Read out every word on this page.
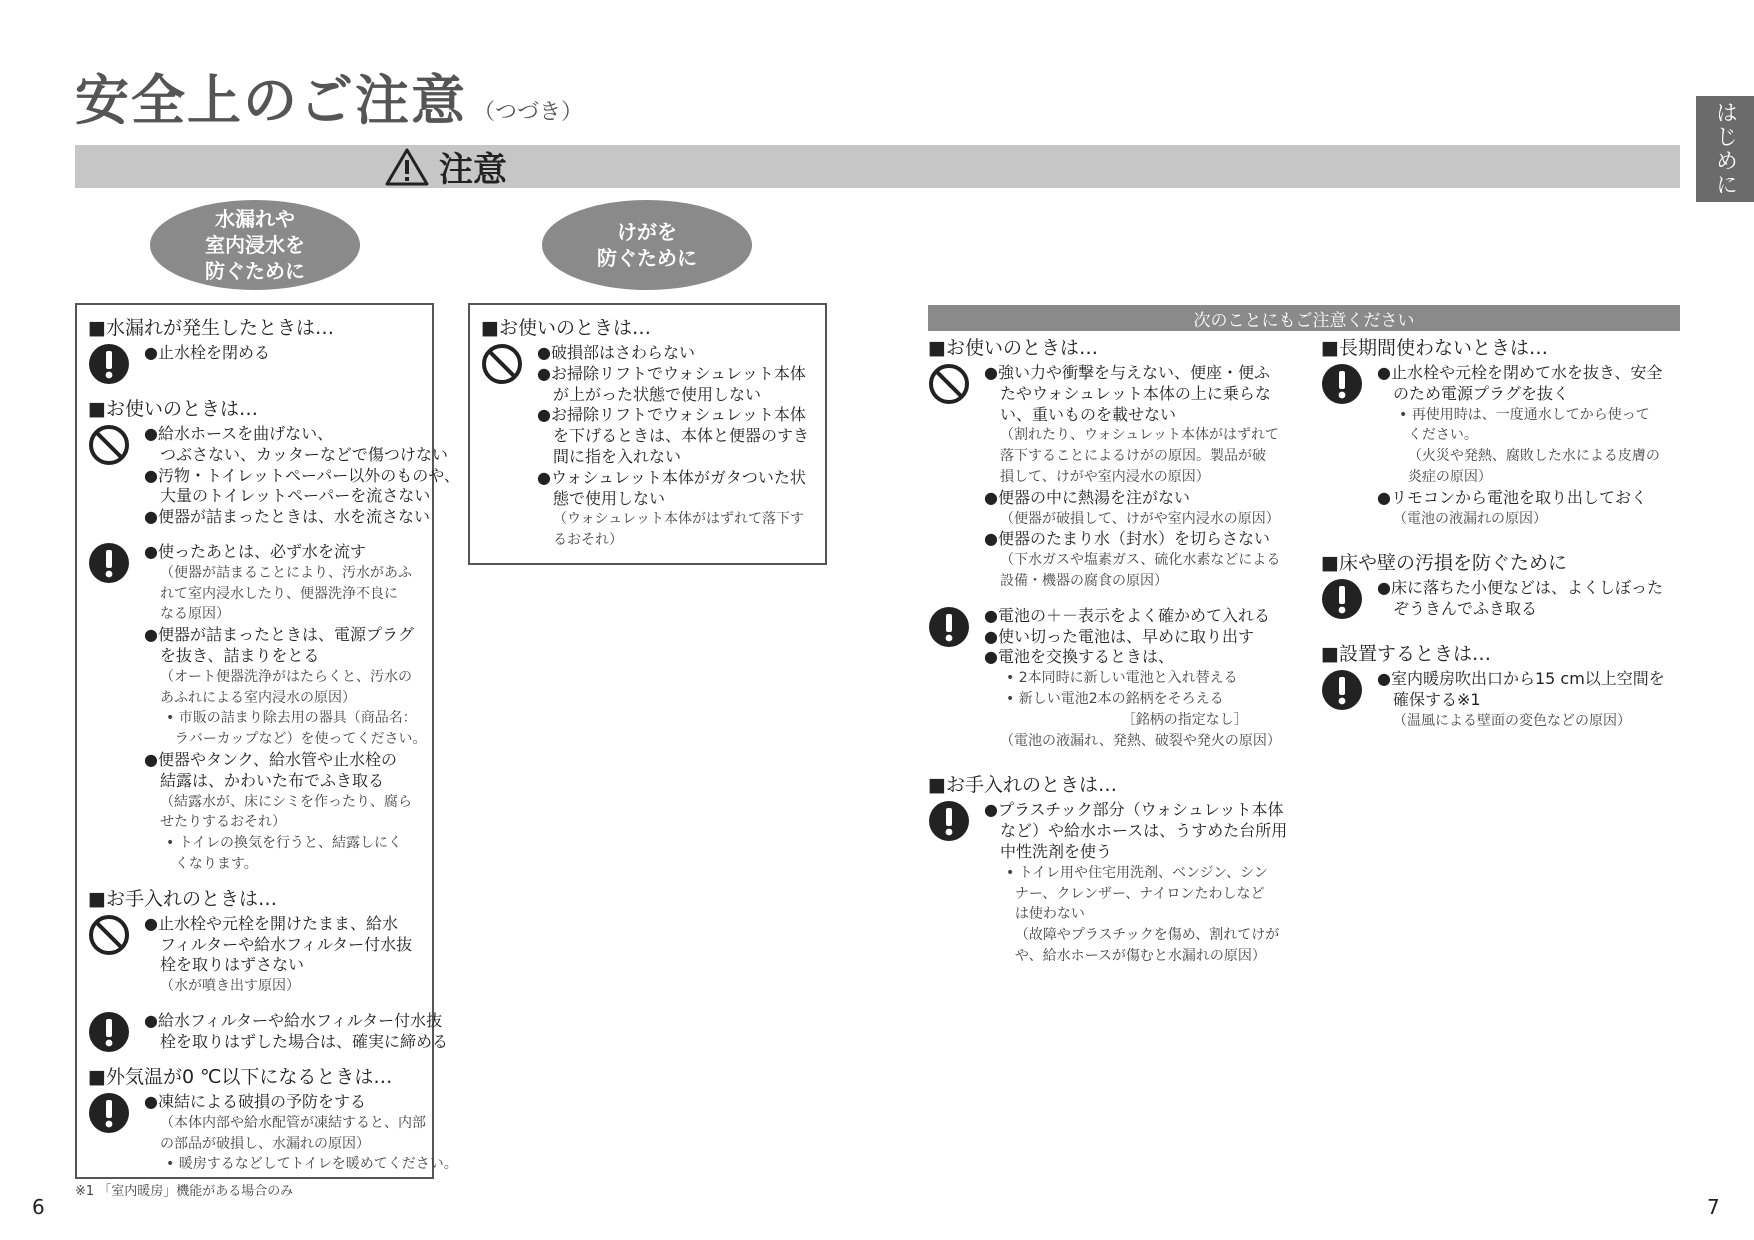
安全上のご注意 （つづき）
注意	はじめに
水漏れや
室内浸水を
防ぐために
けがを
防ぐために
次のことにもご注意ください
■水漏れが発生したときは…
●止水栓を閉める
■お使いのときは…
●給水ホースを曲げない、
つぶさない、カッターなどで傷つけない
●汚物・トイレットペーパー以外のものや、
大量のトイレットペーパーを流さない
●便器が詰まったときは、水を流さない
●使ったあとは、必ず水を流す
（便器が詰まることにより、汚水があふ
れて室内浸水したり、便器洗浄不良に
なる原因）
●便器が詰まったときは、電源プラグ
を抜き、詰まりをとる
（オート便器洗浄がはたらくと、汚水の
あふれによる室内浸水の原因）
• 市販の詰まり除去用の器具（商品名：
ラバーカップなど）を使ってください。
●便器やタンク、給水管や止水栓の
結露は、かわいた布でふき取る
（結露水が、床にシミを作ったり、腐ら
せたりするおそれ）
• トイレの換気を行うと、結露しにく
くなります。
■お手入れのときは…
●止水栓や元栓を開けたまま、給水
フィルターや給水フィルター付水抜
栓を取りはずさない
（水が噴き出す原因）
●給水フィルターや給水フィルター付水抜
栓を取りはずした場合は、確実に締める
■外気温が0 ℃以下になるときは…
●凍結による破損の予防をする
（本体内部や給水配管が凍結すると、内部
の部品が破損し、水漏れの原因）
• 暖房するなどしてトイレを暖めてください。
■お使いのときは…
●破損部はさわらない
●お掃除リフトでウォシュレット本体
が上がった状態で使用しない
●お掃除リフトでウォシュレット本体
を下げるときは、本体と便器のすき
間に指を入れない
●ウォシュレット本体がガタついた状
態で使用しない
（ウォシュレット本体がはずれて落下す
るおそれ）
■お使いのときは…
●強い力や衝撃を与えない、便座・便ふ
たやウォシュレット本体の上に乗らな
い、重いものを載せない
（割れたり、ウォシュレット本体がはずれて
落下することによるけがの原因。製品が破
損して、けがや室内浸水の原因）
●便器の中に熱湯を注がない
（便器が破損して、けがや室内浸水の原因）
●便器のたまり水（封水）を切らさない
（下水ガスや塩素ガス、硫化水素などによる
設備・機器の腐食の原因）
●電池の＋－表示をよく確かめて入れる
●使い切った電池は、早めに取り出す
●電池を交換するときは、
• 2本同時に新しい電池と入れ替える
• 新しい電池2本の銘柄をそろえる
［銘柄の指定なし］
（電池の液漏れ、発熱、破裂や発火の原因）
■お手入れのときは…
●プラスチック部分（ウォシュレット本体
など）や給水ホースは、うすめた台所用
中性洗剤を使う
• トイレ用や住宅用洗剤、ベンジン、シン
ナー、クレンザー、ナイロンたわしなど
は使わない
（故障やプラスチックを傷め、割れてけが
や、給水ホースが傷むと水漏れの原因）
■長期間使わないときは…
●止水栓や元栓を閉めて水を抜き、安全
のため電源プラグを抜く
• 再使用時は、一度通水してから使って
ください。
（火災や発熱、腐敗した水による皮膚の
炎症の原因）
●リモコンから電池を取り出しておく
（電池の液漏れの原因）
■床や壁の汚損を防ぐために
●床に落ちた小便などは、よくしぼった
ぞうきんでふき取る
■設置するときは…
●室内暖房吹出口から15 cm以上空間を
確保する※1
（温風による壁面の変色などの原因）
※1 「室内暖房」機能がある場合のみ
6	7
